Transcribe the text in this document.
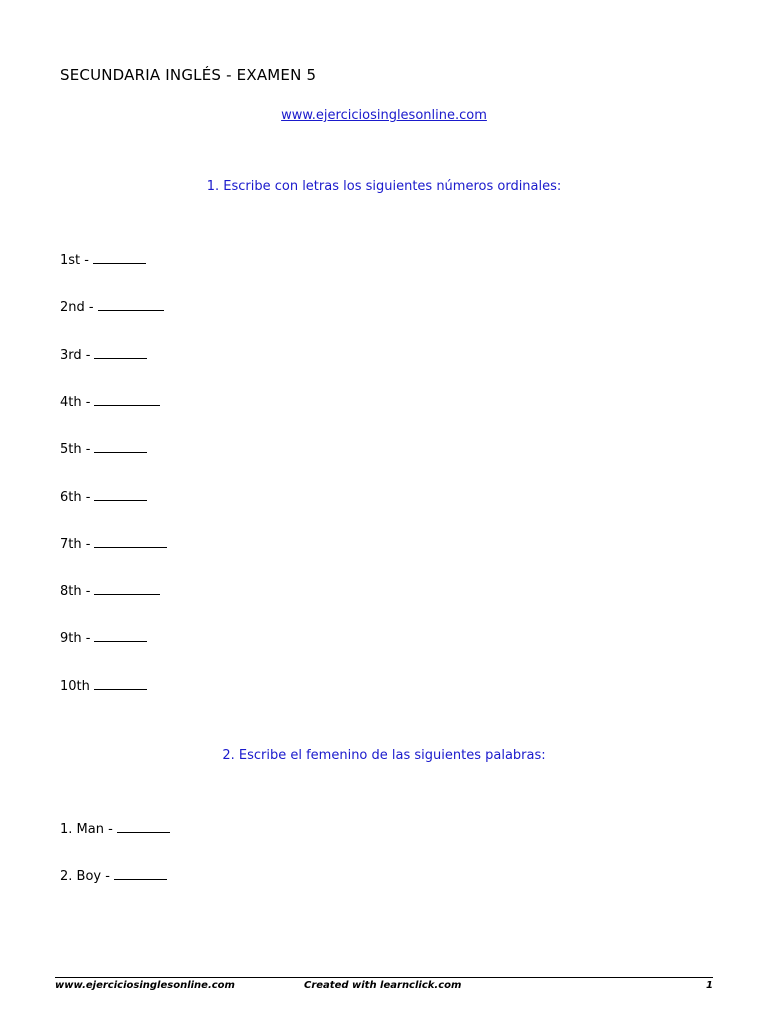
SECUNDARIA INGLÉS - EXAMEN 5
www.ejerciciosinglesonline.com
1. Escribe con letras los siguientes números ordinales:
1st -
2nd -
3rd -
4th -
5th -
6th -
7th -
8th -
9th -
10th
2. Escribe el femenino de las siguientes palabras:
1. Man -
2. Boy -
www.ejerciciosinglesonline.com	Created with learnclick.com	1
